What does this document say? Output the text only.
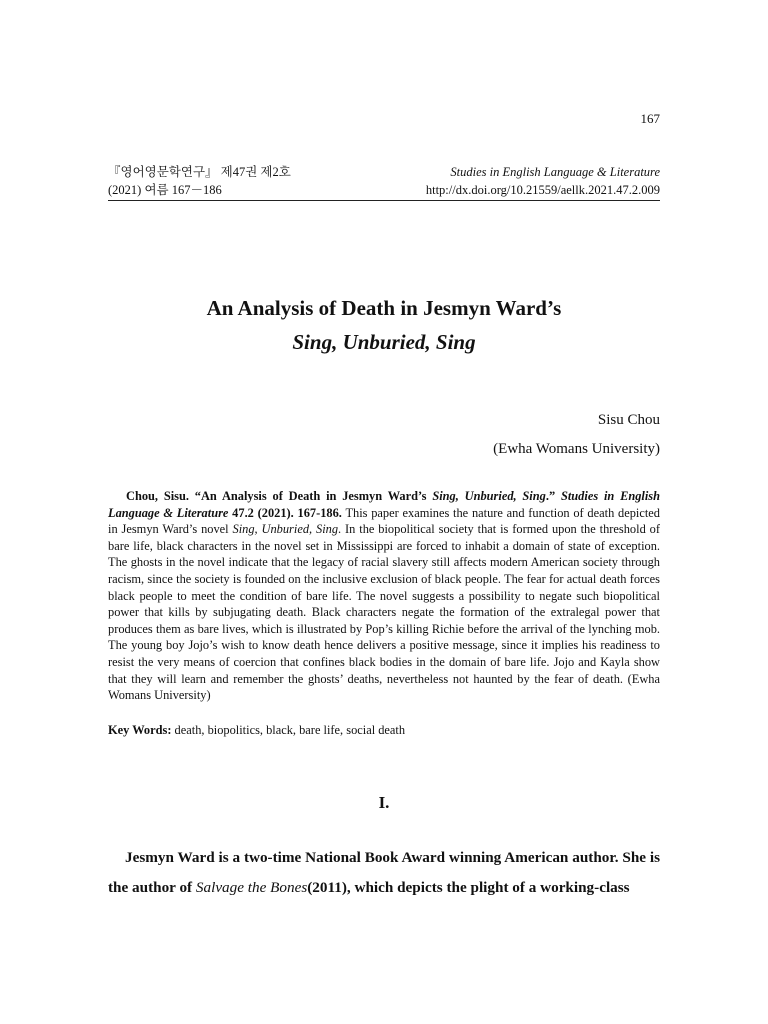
167
『영어영문학연구』 제47권 제2호
(2021) 여름 167－186
Studies in English Language & Literature
http://dx.doi.org/10.21559/aellk.2021.47.2.009
An Analysis of Death in Jesmyn Ward’s
Sing, Unburied, Sing
Sisu Chou
(Ewha Womans University)

Chou, Sisu. “An Analysis of Death in Jesmyn Ward’s Sing, Unburied, Sing.” Studies in English Language & Literature 47.2 (2021). 167-186. This paper examines the nature and function of death depicted in Jesmyn Ward’s novel Sing, Unburied, Sing. In the biopolitical society that is formed upon the threshold of bare life, black characters in the novel set in Mississippi are forced to inhabit a domain of state of exception. The ghosts in the novel indicate that the legacy of racial slavery still affects modern American society through racism, since the society is founded on the inclusive exclusion of black people. The fear for actual death forces black people to meet the condition of bare life. The novel suggests a possibility to negate such biopolitical power that kills by subjugating death. Black characters negate the formation of the extralegal power that produces them as bare lives, which is illustrated by Pop’s killing Richie before the arrival of the lynching mob. The young boy Jojo’s wish to know death hence delivers a positive message, since it implies his readiness to resist the very means of coercion that confines black bodies in the domain of bare life. Jojo and Kayla show that they will learn and remember the ghosts’ deaths, nevertheless not haunted by the fear of death. (Ewha Womans University)

Key Words: death, biopolitics, black, bare life, social death
I.

Jesmyn Ward is a two-time National Book Award winning American author. She is the author of Salvage the Bones(2011), which depicts the plight of a working-class
